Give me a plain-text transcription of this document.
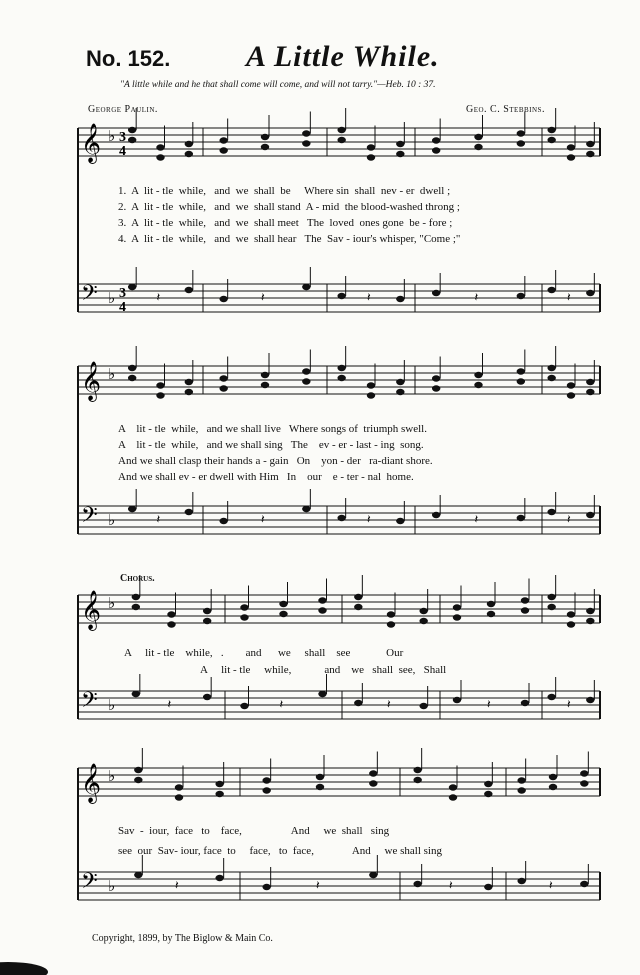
No. 152.	A Little While.
"A little while and he that shall come will come, and will not tarry."—Heb. 10 : 37.
George Paulin.	Geo. C. Stebbins.
𝄞 ♭ 3
4
𝄢 ♭ 3
4
𝄽	𝄽	𝄽	𝄽	𝄽
𝄞 ♭
𝄢 ♭	𝄽	𝄽	𝄽	𝄽	𝄽
𝄞 ♭
𝄢 ♭	𝄽	𝄽	𝄽	𝄽	𝄽
𝄞 ♭
𝄢 ♭	𝄽	𝄽	𝄽	𝄽
1.  A  lit - tle  while,   and  we  shall  be     Where sin  shall  nev - er  dwell ;
2.  A  lit - tle  while,   and  we  shall stand  A - mid  the blood-washed throng ;
3.  A  lit - tle  while,   and  we  shall meet   The  loved  ones gone  be - fore ;
4.  A  lit - tle  while,   and  we  shall hear   The  Sav - iour's whisper, "Come ;"
A    lit - tle  while,   and we shall live   Where songs of  triumph swell.
A    lit - tle  while,   and we shall sing   The    ev - er - last - ing  song.
And we shall clasp their hands a - gain   On    yon - der   ra-diant shore.
And we shall ev - er dwell with Him   In    our    e - ter - nal  home.
Chorus.
A     lit - tle    while,   .        and      we     shall    see             Our
A     lit - tle     while,            and    we   shall  see,   Shall
Sav  -  iour,  face   to    face,                  And     we  shall   sing
see  our  Sav- iour, face  to     face,   to  face,              And     we shall sing
Copyright, 1899, by The Biglow & Main Co.
